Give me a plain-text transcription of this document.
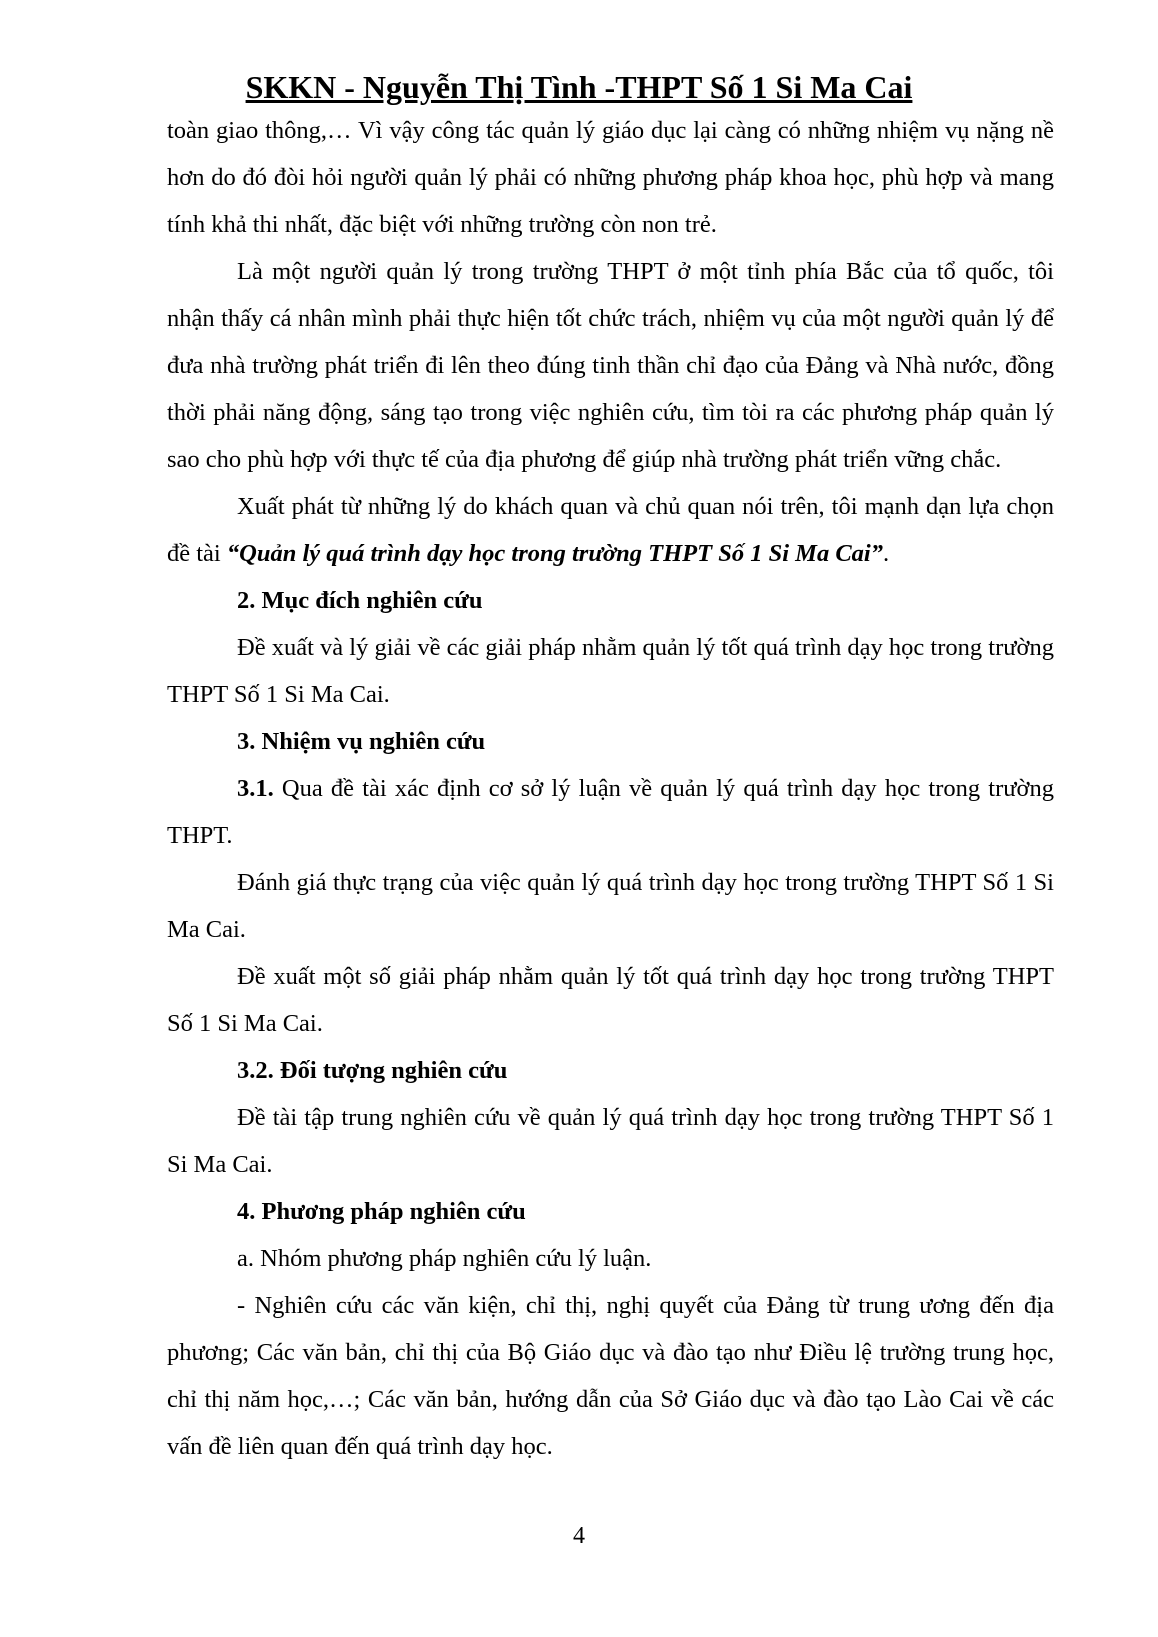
SKKN - Nguyễn Thị Tình -THPT Số 1 Si Ma Cai

toàn giao thông,… Vì vậy công tác quản lý giáo dục lại càng có những nhiệm vụ nặng nề hơn do đó đòi hỏi người quản lý phải có những phương pháp khoa học, phù hợp và mang tính khả thi nhất, đặc biệt với những trường còn non trẻ.

Là một người quản lý trong trường THPT ở một tỉnh phía Bắc của tổ quốc, tôi nhận thấy cá nhân mình phải thực hiện tốt chức trách, nhiệm vụ của một người quản lý để đưa nhà trường phát triển đi lên theo đúng tinh thần chỉ đạo của Đảng và Nhà nước, đồng thời phải năng động, sáng tạo trong việc nghiên cứu, tìm tòi ra các phương pháp quản lý sao cho phù hợp với thực tế của địa phương để giúp nhà trường phát triển vững chắc.

Xuất phát từ những lý do khách quan và chủ quan nói trên, tôi mạnh dạn lựa chọn đề tài “Quản lý quá trình dạy học trong trường THPT Số 1 Si Ma Cai”.

2. Mục đích nghiên cứu

Đề xuất và lý giải về các giải pháp nhằm quản lý tốt quá trình dạy học trong trường THPT Số 1 Si Ma Cai.

3. Nhiệm vụ nghiên cứu

3.1. Qua đề tài xác định cơ sở lý luận về quản lý quá trình dạy học trong trường THPT.

Đánh giá thực trạng của việc quản lý quá trình dạy học trong trường THPT Số 1 Si Ma Cai.

Đề xuất một số giải pháp nhằm quản lý tốt quá trình dạy học trong trường THPT Số 1 Si Ma Cai.

3.2. Đối tượng nghiên cứu

Đề tài tập trung nghiên cứu về quản lý quá trình dạy học trong trường THPT Số 1 Si Ma Cai.

4. Phương pháp nghiên cứu

a. Nhóm phương pháp nghiên cứu lý luận.

- Nghiên cứu các văn kiện, chỉ thị, nghị quyết của Đảng từ trung ương đến địa phương; Các văn bản, chỉ thị của Bộ Giáo dục và đào tạo như Điều lệ trường trung học, chỉ thị năm học,…; Các văn bản, hướng dẫn của Sở Giáo dục và đào tạo Lào Cai về các vấn đề liên quan đến quá trình dạy học.

4
